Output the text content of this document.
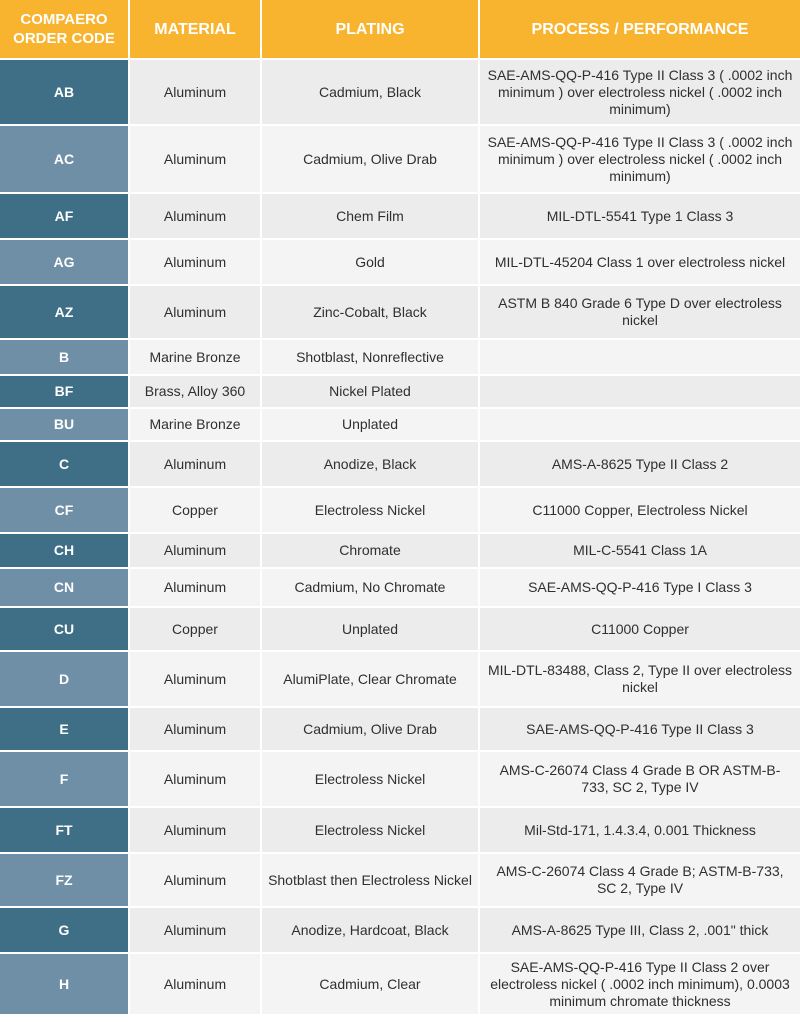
COMPAERO ORDER CODE	MATERIAL	PLATING	PROCESS / PERFORMANCE
AB	Aluminum	Cadmium, Black	SAE-AMS-QQ-P-416 Type II Class 3 ( .0002 inch minimum ) over electroless nickel ( .0002 inch minimum)
AC	Aluminum	Cadmium, Olive Drab	SAE-AMS-QQ-P-416 Type II Class 3 ( .0002 inch minimum ) over electroless nickel ( .0002 inch minimum)
AF	Aluminum	Chem Film	MIL-DTL-5541 Type 1 Class 3
AG	Aluminum	Gold	MIL-DTL-45204 Class 1 over electroless nickel
AZ	Aluminum	Zinc-Cobalt, Black	ASTM B 840 Grade 6 Type D over electroless nickel
B	Marine Bronze	Shotblast, Nonreflective	
BF	Brass, Alloy 360	Nickel Plated	
BU	Marine Bronze	Unplated	
C	Aluminum	Anodize, Black	AMS-A-8625 Type II Class 2
CF	Copper	Electroless Nickel	C11000 Copper, Electroless Nickel
CH	Aluminum	Chromate	MIL-C-5541 Class 1A
CN	Aluminum	Cadmium, No Chromate	SAE-AMS-QQ-P-416 Type I Class 3
CU	Copper	Unplated	C11000 Copper
D	Aluminum	AlumiPlate, Clear Chromate	MIL-DTL-83488, Class 2, Type II over electroless nickel
E	Aluminum	Cadmium, Olive Drab	SAE-AMS-QQ-P-416 Type II Class 3
F	Aluminum	Electroless Nickel	AMS-C-26074 Class 4 Grade B OR ASTM-B-733, SC 2, Type IV
FT	Aluminum	Electroless Nickel	Mil-Std-171, 1.4.3.4, 0.001 Thickness
FZ	Aluminum	Shotblast then Electroless Nickel	AMS-C-26074 Class 4 Grade B; ASTM-B-733, SC 2, Type IV
G	Aluminum	Anodize, Hardcoat, Black	AMS-A-8625 Type III, Class 2, .001" thick
H	Aluminum	Cadmium, Clear	SAE-AMS-QQ-P-416 Type II Class 2 over electroless nickel ( .0002 inch minimum), 0.0003 minimum chromate thickness
